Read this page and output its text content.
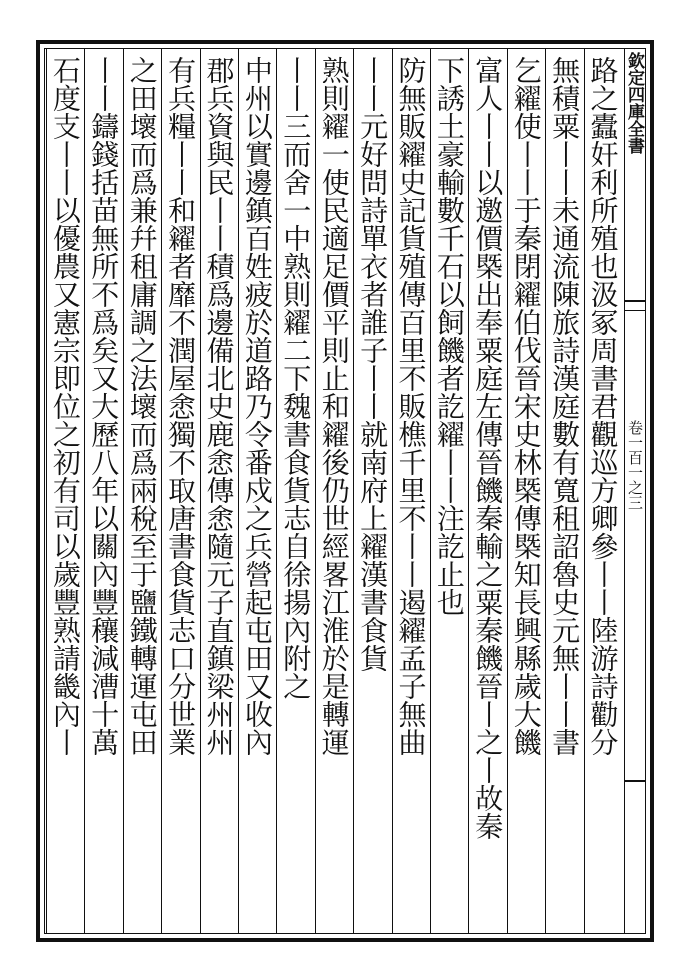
欽定四庫全書
卷一百一之三
路之蠹奸利所殖也汲冢周書君觀巡方卿參丨丨陸游詩勸分
無積粟丨丨未通流陳旅詩漢庭數有寬租詔魯史元無丨丨書
乞糴使丨丨于秦閉糴伯伐晉宋史林槩傳槩知長興縣歲大饑
富人丨丨以邀價槩出奉粟庭左傳晉饑秦輸之粟秦饑晉丨之丨故秦
下誘土豪輸數千石以飼饑者訖糴丨丨注訖止也
防無販糴史記貨殖傳百里不販樵千里不丨丨遏糴孟子無曲
丨丨元好問詩單衣者誰子丨丨就南府上糴漢書食貨
熟則糴一使民適足價平則止和糴後仍世經畧江淮於是轉運
丨丨三而舍一中熟則糴二下魏書食貨志自徐揚內附之
中州以實邊鎮百姓疲於道路乃令番戍之兵營起屯田又收內
郡兵資與民丨丨積爲邊備北史鹿悆傳悆隨元子直鎮梁州州
有兵糧丨丨和糴者靡不潤屋悆獨不取唐書食貨志口分世業
之田壞而爲兼幷租庸調之法壞而爲兩稅至于鹽鐵轉運屯田
丨丨鑄錢括苗無所不爲矣又大歷八年以關內豐穰減漕十萬
石度支丨丨以優農又憲宗即位之初有司以歲豐熟請畿內丨
